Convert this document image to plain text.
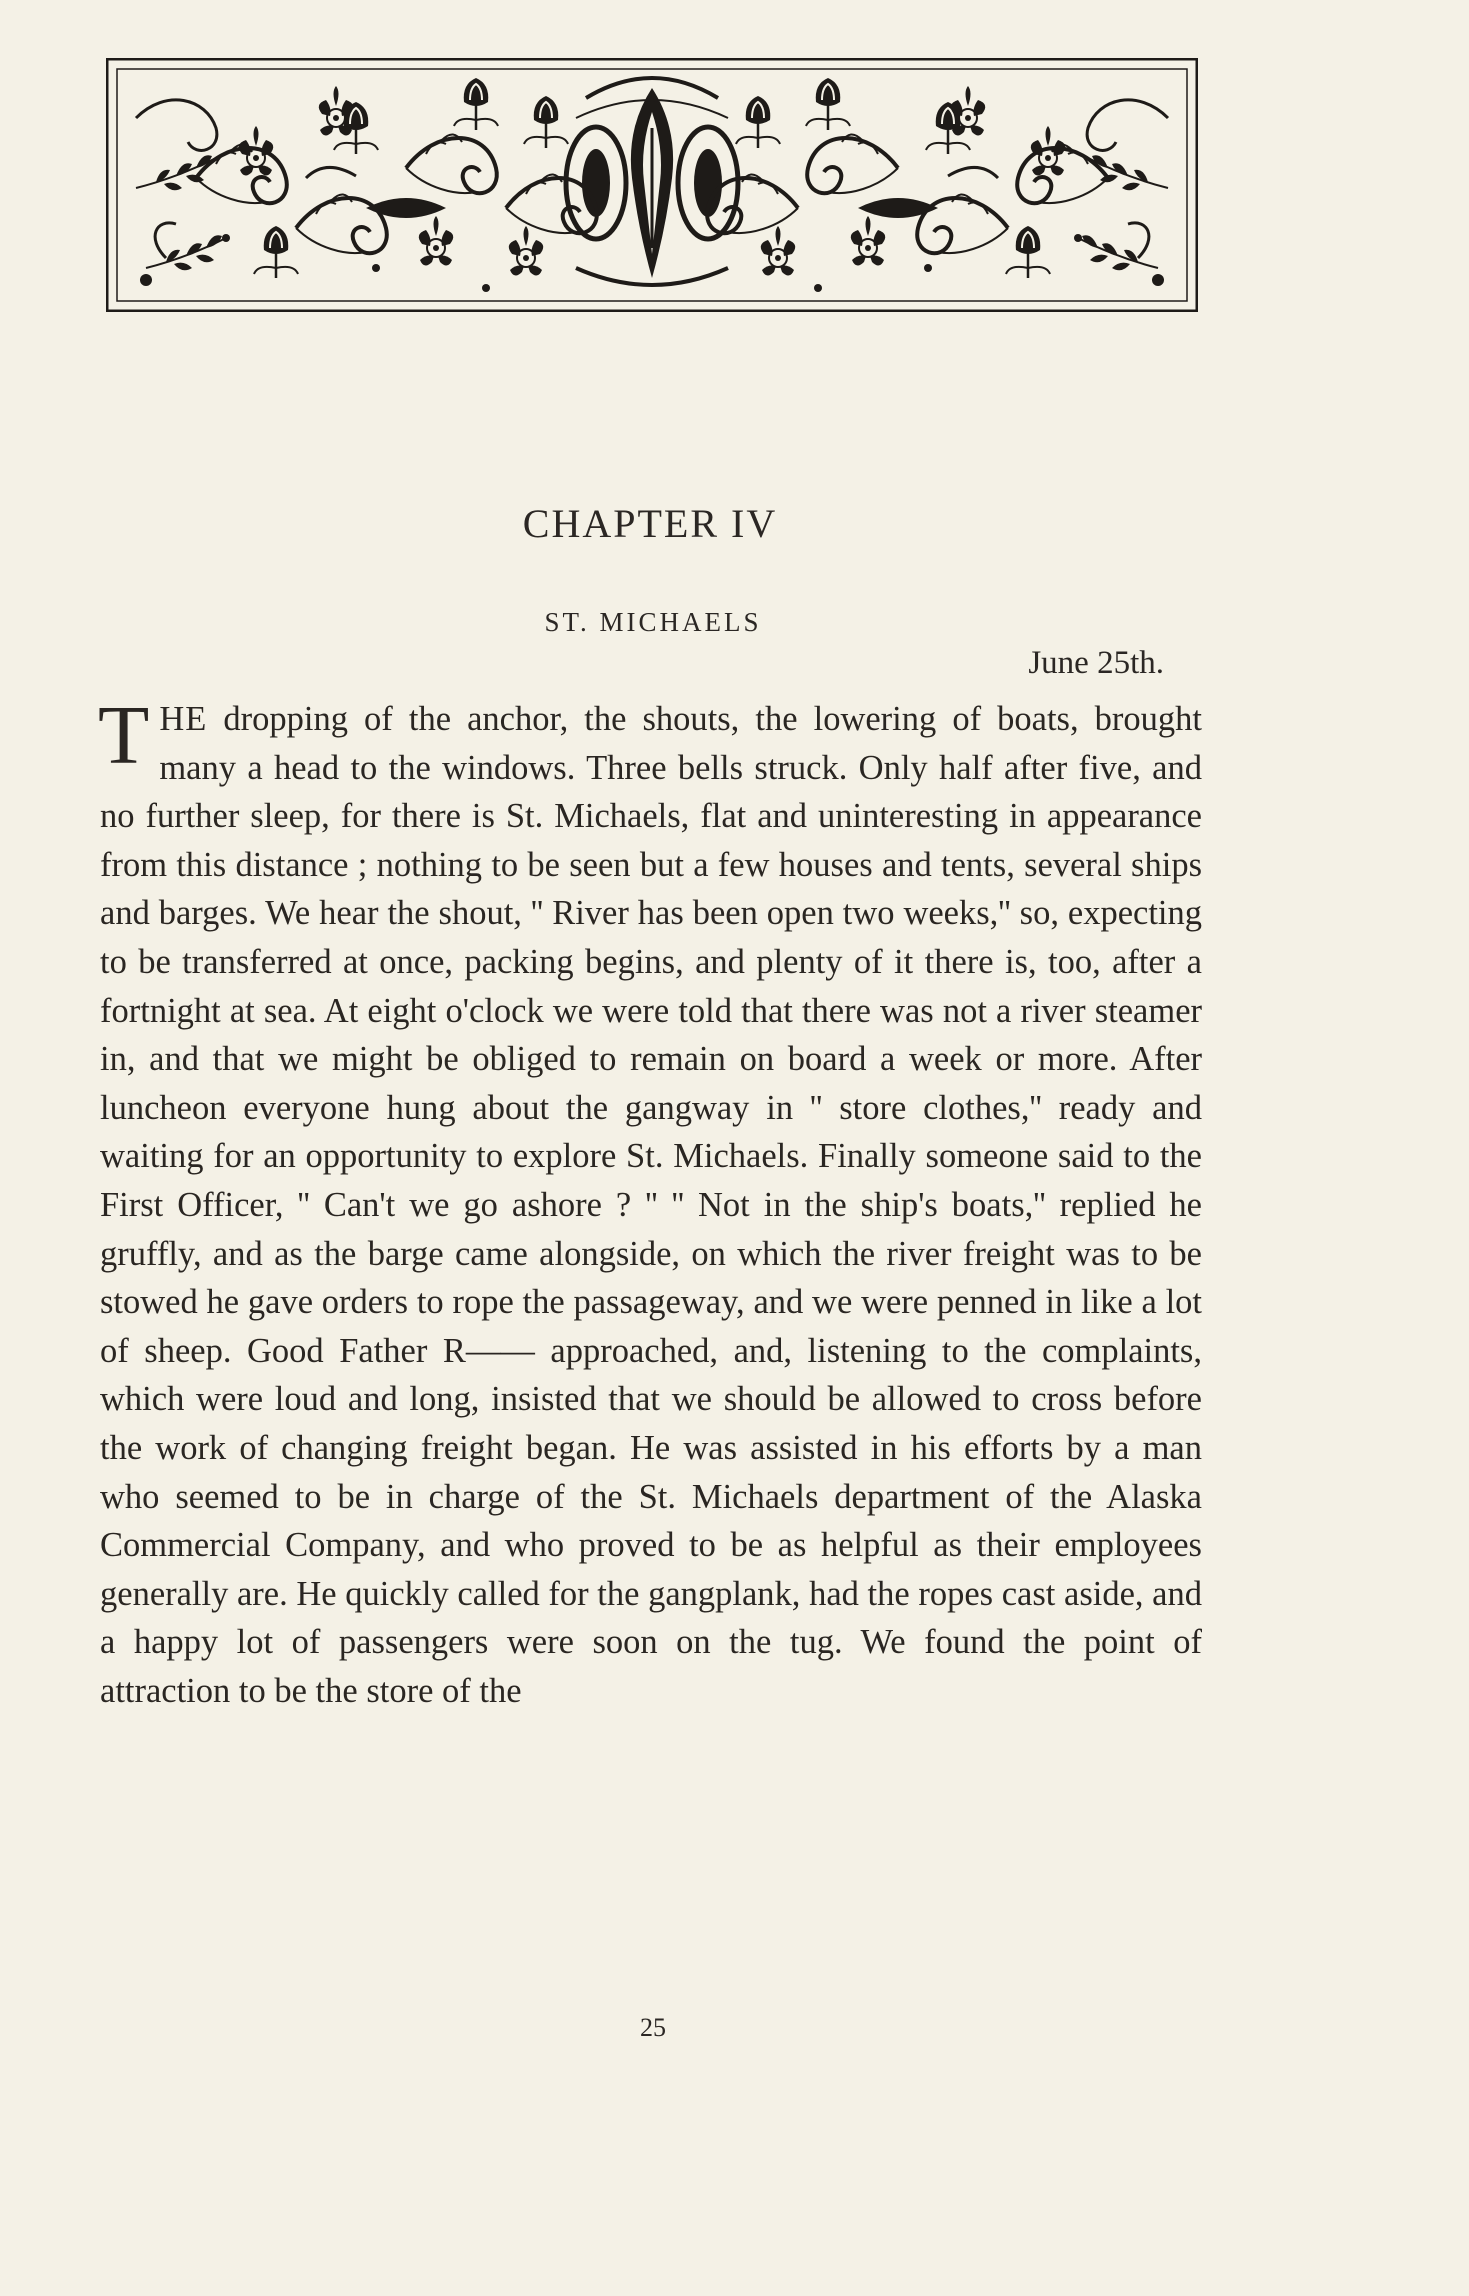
CHAPTER IV
ST. MICHAELS
June 25th.

THE dropping of the anchor, the shouts, the lowering of boats, brought many a head to the windows. Three bells struck. Only half after five, and no further sleep, for there is St. Michaels, flat and uninteresting in appearance from this distance ; nothing to be seen but a few houses and tents, several ships and barges. We hear the shout, '' River has been open two weeks,'' so, expecting to be transferred at once, packing begins, and plenty of it there is, too, after a fortnight at sea. At eight o'clock we were told that there was not a river steamer in, and that we might be obliged to remain on board a week or more. After luncheon everyone hung about the gangway in '' store clothes,'' ready and waiting for an opportunity to explore St. Michaels. Finally someone said to the First Officer, '' Can't we go ashore ? '' '' Not in the ship's boats,'' replied he gruffly, and as the barge came alongside, on which the river freight was to be stowed he gave orders to rope the passageway, and we were penned in like a lot of sheep. Good Father R—— approached, and, listening to the complaints, which were loud and long, insisted that we should be allowed to cross before the work of changing freight began. He was assisted in his efforts by a man who seemed to be in charge of the St. Michaels department of the Alaska Commercial Company, and who proved to be as helpful as their employees generally are. He quickly called for the gangplank, had the ropes cast aside, and a happy lot of passengers were soon on the tug. We found the point of attraction to be the store of the

25
